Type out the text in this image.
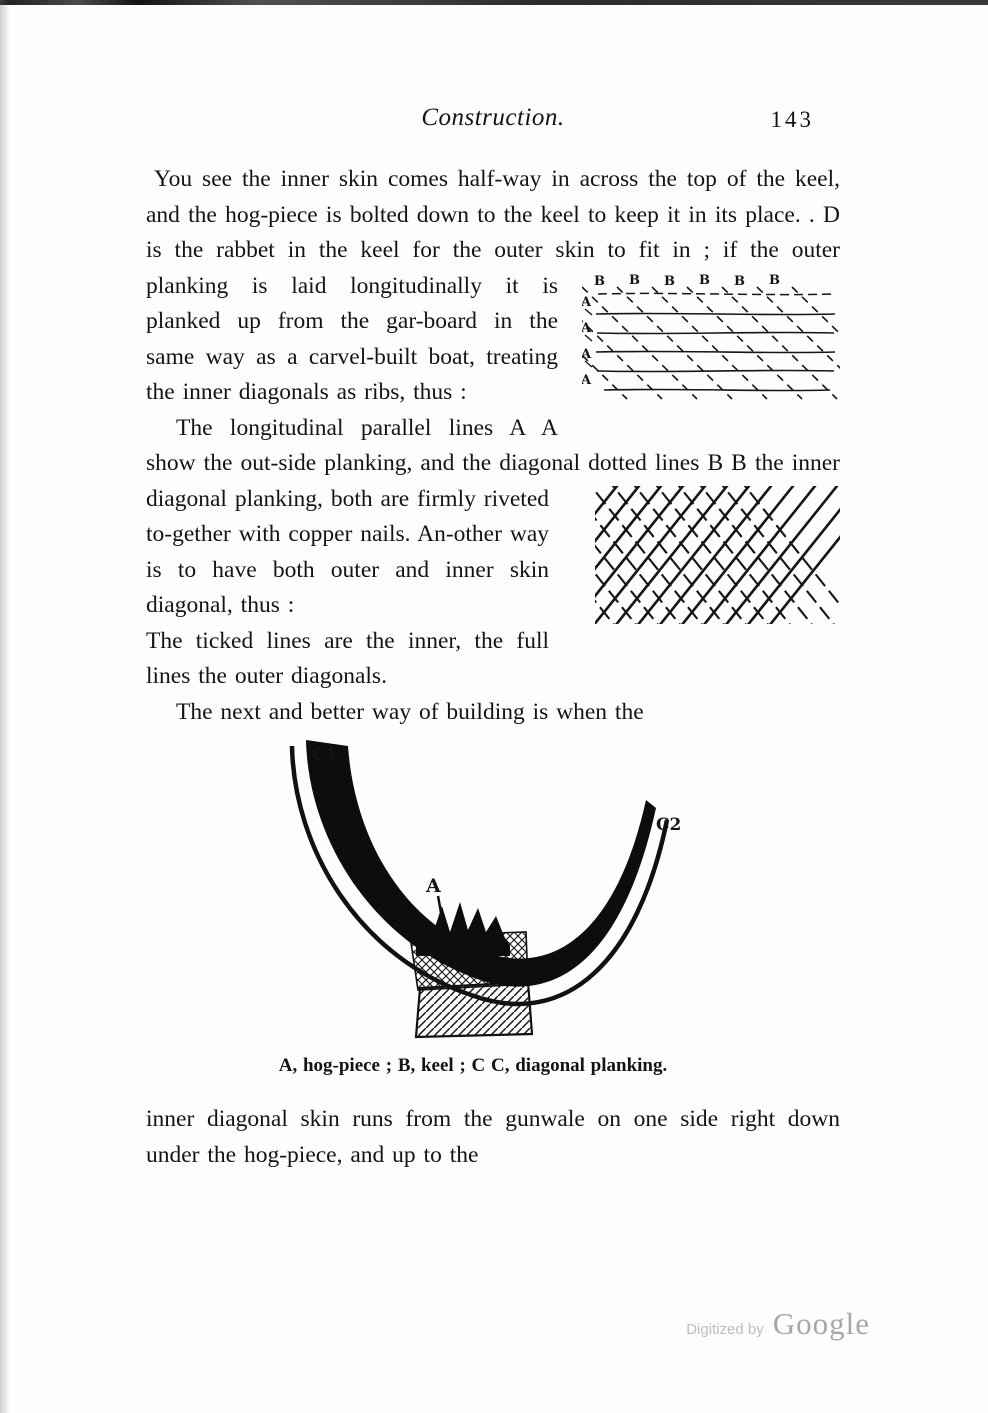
Construction.	143

You see the inner skin comes half-way in across the top of the keel, and the hog-piece is bolted down to the keel to keep it in its place. . D is the rabbet in the keel for the outer skin to fit in ; if the outer
B B B B B B
A
A
A
A
planking is laid longitudinally it is planked up from the gar-board in the same way as a carvel-built boat, treating the inner diagonals as ribs, thus :

The longitudinal parallel lines A A show the out-side planking, and the diagonal dotted lines B B
the inner diagonal planking, both are firmly riveted to-gether with copper nails. An-other way is to have both outer and inner skin diagonal, thus :

The ticked lines are the inner, the full lines the outer diagonals.

The next and better way of building is when the

C1
C2
A
A, hog-piece ; B, keel ; C C, diagonal planking.

inner diagonal skin runs from the gunwale on one side right down under the hog-piece, and up to the

Digitized by Google
